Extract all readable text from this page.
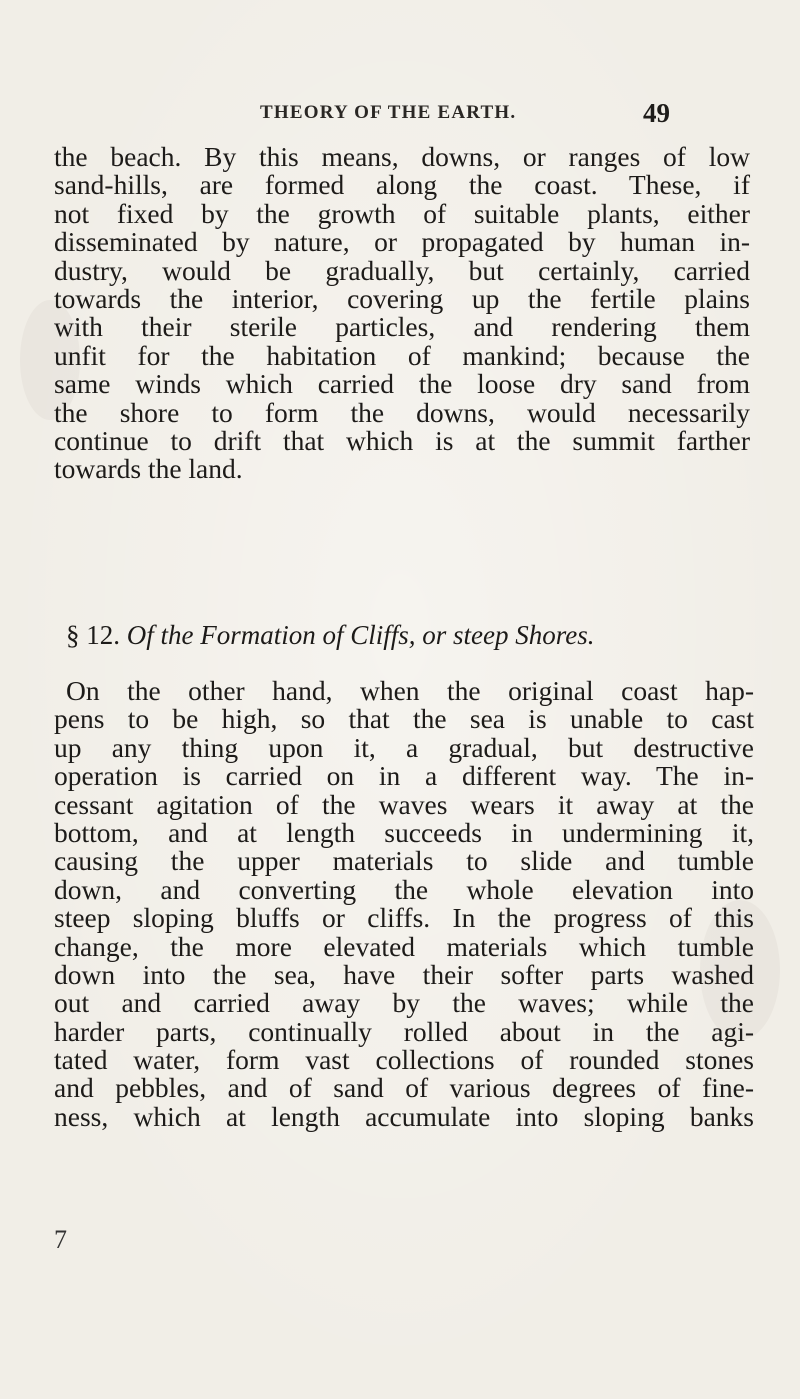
THEORY OF THE EARTH.	49
the beach. By this means, downs, or ranges of low
sand-hills, are formed along the coast. These, if
not fixed by the growth of suitable plants, either
disseminated by nature, or propagated by human in-
dustry, would be gradually, but certainly, carried
towards the interior, covering up the fertile plains
with their sterile particles, and rendering them
unfit for the habitation of mankind; because the
same winds which carried the loose dry sand from
the shore to form the downs, would necessarily
continue to drift that which is at the summit farther
towards the land.
§ 12. Of the Formation of Cliffs, or steep Shores.
On the other hand, when the original coast hap-
pens to be high, so that the sea is unable to cast
up any thing upon it, a gradual, but destructive
operation is carried on in a different way. The in-
cessant agitation of the waves wears it away at the
bottom, and at length succeeds in undermining it,
causing the upper materials to slide and tumble
down, and converting the whole elevation into
steep sloping bluffs or cliffs. In the progress of this
change, the more elevated materials which tumble
down into the sea, have their softer parts washed
out and carried away by the waves; while the
harder parts, continually rolled about in the agi-
tated water, form vast collections of rounded stones
and pebbles, and of sand of various degrees of fine-
ness, which at length accumulate into sloping banks
7
